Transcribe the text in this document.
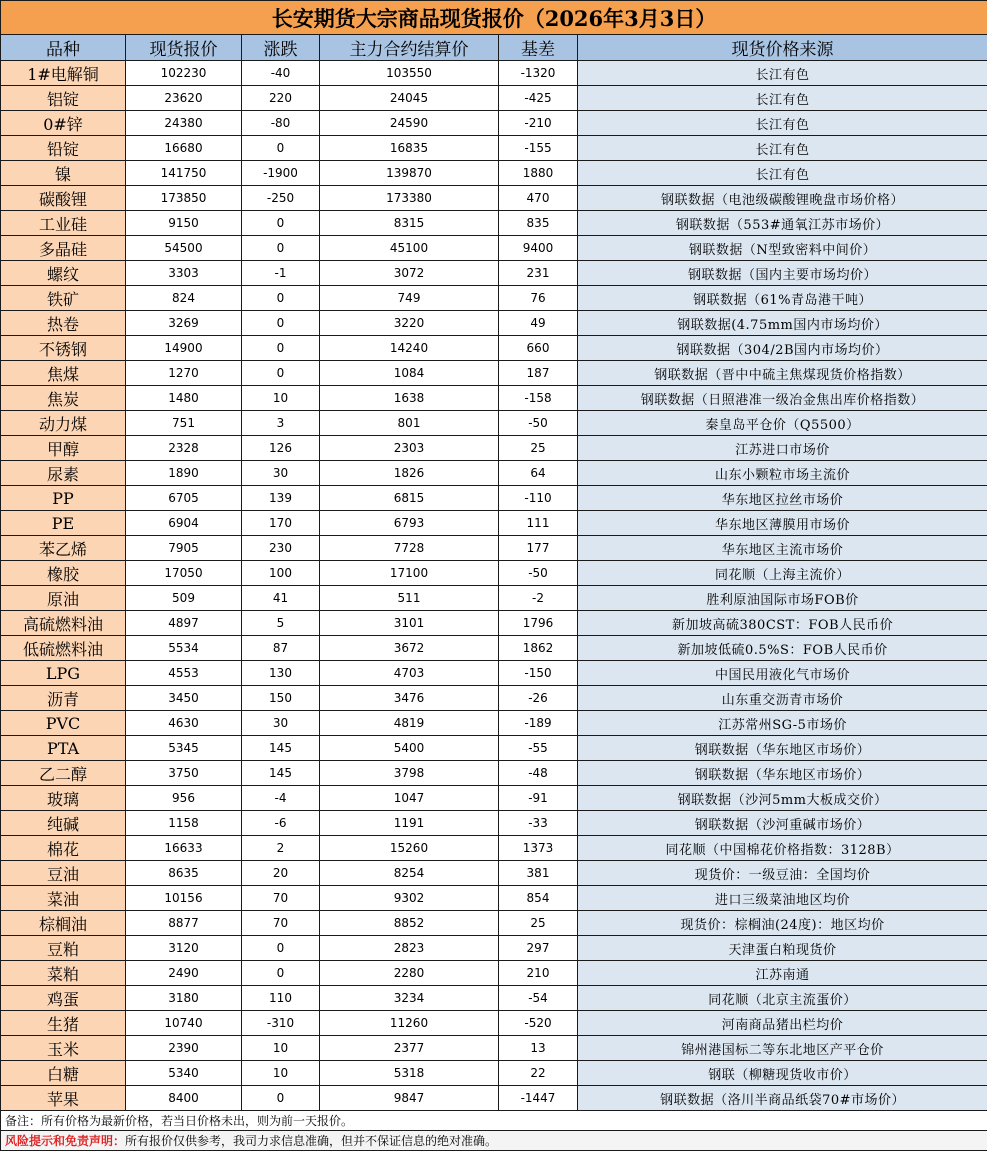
长安期货大宗商品现货报价（2026年3月3日）					
品种	现货报价	涨跌	主力合约结算价	基差	现货价格来源
1#电解铜	102230	-40	103550	-1320	长江有色
铝锭	23620	220	24045	-425	长江有色
0#锌	24380	-80	24590	-210	长江有色
铅锭	16680	0	16835	-155	长江有色
镍	141750	-1900	139870	1880	长江有色
碳酸锂	173850	-250	173380	470	钢联数据（电池级碳酸锂晚盘市场价格）
工业硅	9150	0	8315	835	钢联数据（553#通氧江苏市场价）
多晶硅	54500	0	45100	9400	钢联数据（N型致密料中间价）
螺纹	3303	-1	3072	231	钢联数据（国内主要市场均价）
铁矿	824	0	749	76	钢联数据（61%青岛港干吨）
热卷	3269	0	3220	49	钢联数据(4.75mm国内市场均价）
不锈钢	14900	0	14240	660	钢联数据（304/2B国内市场均价）
焦煤	1270	0	1084	187	钢联数据（晋中中硫主焦煤现货价格指数）
焦炭	1480	10	1638	-158	钢联数据（日照港准一级冶金焦出库价格指数）
动力煤	751	3	801	-50	秦皇岛平仓价（Q5500）
甲醇	2328	126	2303	25	江苏进口市场价
尿素	1890	30	1826	64	山东小颗粒市场主流价
PP	6705	139	6815	-110	华东地区拉丝市场价
PE	6904	170	6793	111	华东地区薄膜用市场价
苯乙烯	7905	230	7728	177	华东地区主流市场价
橡胶	17050	100	17100	-50	同花顺（上海主流价）
原油	509	41	511	-2	胜利原油国际市场FOB价
高硫燃料油	4897	5	3101	1796	新加坡高硫380CST：FOB人民币价
低硫燃料油	5534	87	3672	1862	新加坡低硫0.5%S：FOB人民币价
LPG	4553	130	4703	-150	中国民用液化气市场价
沥青	3450	150	3476	-26	山东重交沥青市场价
PVC	4630	30	4819	-189	江苏常州SG-5市场价
PTA	5345	145	5400	-55	钢联数据（华东地区市场价）
乙二醇	3750	145	3798	-48	钢联数据（华东地区市场价）
玻璃	956	-4	1047	-91	钢联数据（沙河5mm大板成交价）
纯碱	1158	-6	1191	-33	钢联数据（沙河重碱市场价）
棉花	16633	2	15260	1373	同花顺（中国棉花价格指数：3128B）
豆油	8635	20	8254	381	现货价：一级豆油：全国均价
菜油	10156	70	9302	854	进口三级菜油地区均价
棕榈油	8877	70	8852	25	现货价：棕榈油(24度)：地区均价
豆粕	3120	0	2823	297	天津蛋白粕现货价
菜粕	2490	0	2280	210	江苏南通
鸡蛋	3180	110	3234	-54	同花顺（北京主流蛋价）
生猪	10740	-310	11260	-520	河南商品猪出栏均价
玉米	2390	10	2377	13	锦州港国标二等东北地区产平仓价
白糖	5340	10	5318	22	钢联（柳糖现货收市价）
苹果	8400	0	9847	-1447	钢联数据（洛川半商品纸袋70#市场价）
备注：所有价格为最新价格，若当日价格未出，则为前一天报价。					
风险提示和免责声明：所有报价仅供参考，我司力求信息准确，但并不保证信息的绝对准确。					
